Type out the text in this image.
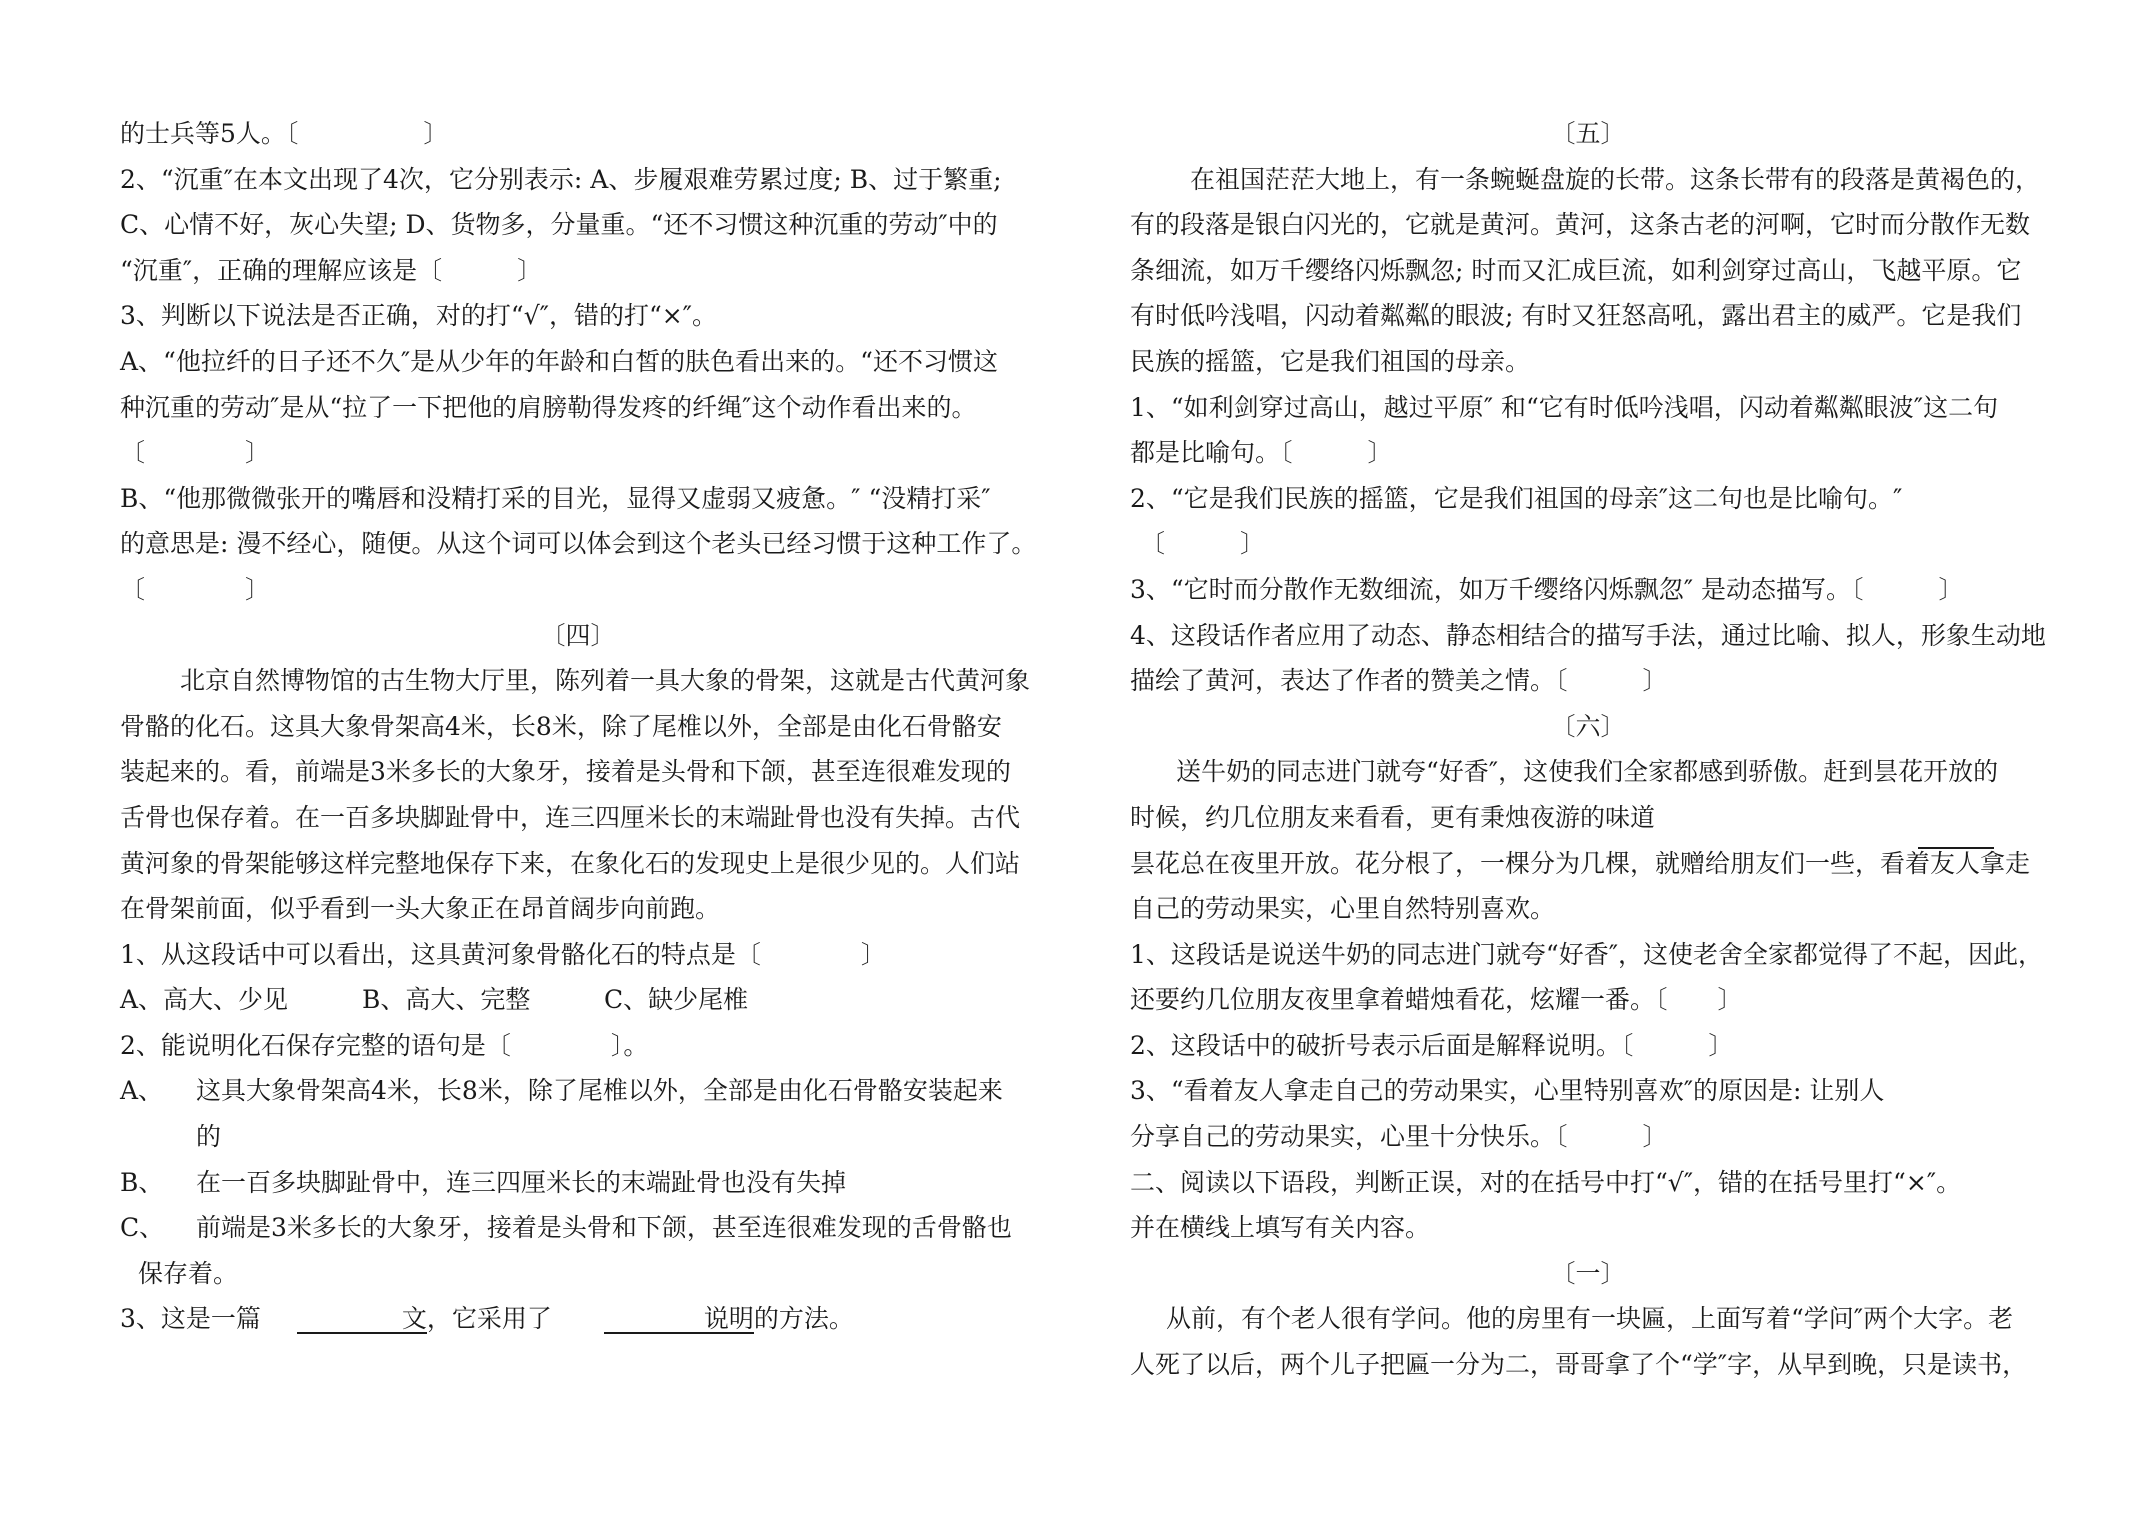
的士兵等5人。〔　　　　　〕
2、“沉重″在本文出现了4次，它分别表示: A、步履艰难劳累过度; B、过于繁重;
C、心情不好，灰心失望; D、货物多，分量重。“还不习惯这种沉重的劳动″中的
“沉重″，正确的理解应该是〔　　　〕
3、判断以下说法是否正确，对的打“√″，错的打“×″。
A、“他拉纤的日子还不久″是从少年的年龄和白皙的肤色看出来的。“还不习惯这
种沉重的劳动″是从“拉了一下把他的肩膀勒得发疼的纤绳″这个动作看出来的。
〔　　　　〕
B、“他那微微张开的嘴唇和没精打采的目光，显得又虚弱又疲惫。″ “没精打采″
的意思是: 漫不经心，随便。从这个词可以体会到这个老头已经习惯于这种工作了。
〔　　　　〕
〔四〕
北京自然博物馆的古生物大厅里，陈列着一具大象的骨架，这就是古代黄河象
骨骼的化石。这具大象骨架高4米，长8米，除了尾椎以外，全部是由化石骨骼安
装起来的。看，前端是3米多长的大象牙，接着是头骨和下颌，甚至连很难发现的
舌骨也保存着。在一百多块脚趾骨中，连三四厘米长的末端趾骨也没有失掉。古代
黄河象的骨架能够这样完整地保存下来，在象化石的发现史上是很少见的。人们站
在骨架前面，似乎看到一头大象正在昂首阔步向前跑。
1、从这段话中可以看出，这具黄河象骨骼化石的特点是〔　　　　〕
A、高大、少见	B、高大、完整	C、缺少尾椎
2、能说明化石保存完整的语句是〔　　　　〕。
A、 这具大象骨架高4米，长8米，除了尾椎以外，全部是由化石骨骼安装起来
的
B、 在一百多块脚趾骨中，连三四厘米长的末端趾骨也没有失掉
C、 前端是3米多长的大象牙，接着是头骨和下颌，甚至连很难发现的舌骨骼也
保存着。
3、这是一篇	文，它采用了	说明的方法。
〔五〕
在祖国茫茫大地上，有一条蜿蜒盘旋的长带。这条长带有的段落是黄褐色的，
有的段落是银白闪光的，它就是黄河。黄河，这条古老的河啊，它时而分散作无数
条细流，如万千缨络闪烁飘忽; 时而又汇成巨流，如利剑穿过高山，飞越平原。它
有时低吟浅唱，闪动着粼粼的眼波; 有时又狂怒高吼，露出君主的威严。它是我们
民族的摇篮，它是我们祖国的母亲。
1、“如利剑穿过高山，越过平原″ 和“它有时低吟浅唱，闪动着粼粼眼波″这二句
都是比喻句。〔　　　〕
2、“它是我们民族的摇篮，它是我们祖国的母亲″这二句也是比喻句。″
〔　　　〕
3、“它时而分散作无数细流，如万千缨络闪烁飘忽″ 是动态描写。〔　　　〕
4、这段话作者应用了动态、静态相结合的描写手法，通过比喻、拟人，形象生动地
描绘了黄河，表达了作者的赞美之情。〔　　　〕
〔六〕
送牛奶的同志进门就夸“好香″，这使我们全家都感到骄傲。赶到昙花开放的
时候，约几位朋友来看看，更有秉烛夜游的味道
昙花总在夜里开放。花分根了，一棵分为几棵，就赠给朋友们一些，看着友人拿走
自己的劳动果实，心里自然特别喜欢。
1、这段话是说送牛奶的同志进门就夸“好香″，这使老舍全家都觉得了不起，因此，
还要约几位朋友夜里拿着蜡烛看花，炫耀一番。〔　　〕
2、这段话中的破折号表示后面是解释说明。〔　　　〕
3、“看着友人拿走自己的劳动果实，心里特别喜欢″的原因是: 让别人
分享自己的劳动果实，心里十分快乐。〔　　　〕
二、阅读以下语段，判断正误，对的在括号中打“√″，错的在括号里打“×″。
并在横线上填写有关内容。
〔一〕
从前，有个老人很有学问。他的房里有一块匾，上面写着“学问″两个大字。老
人死了以后，两个儿子把匾一分为二，哥哥拿了个“学″字，从早到晚，只是读书，
